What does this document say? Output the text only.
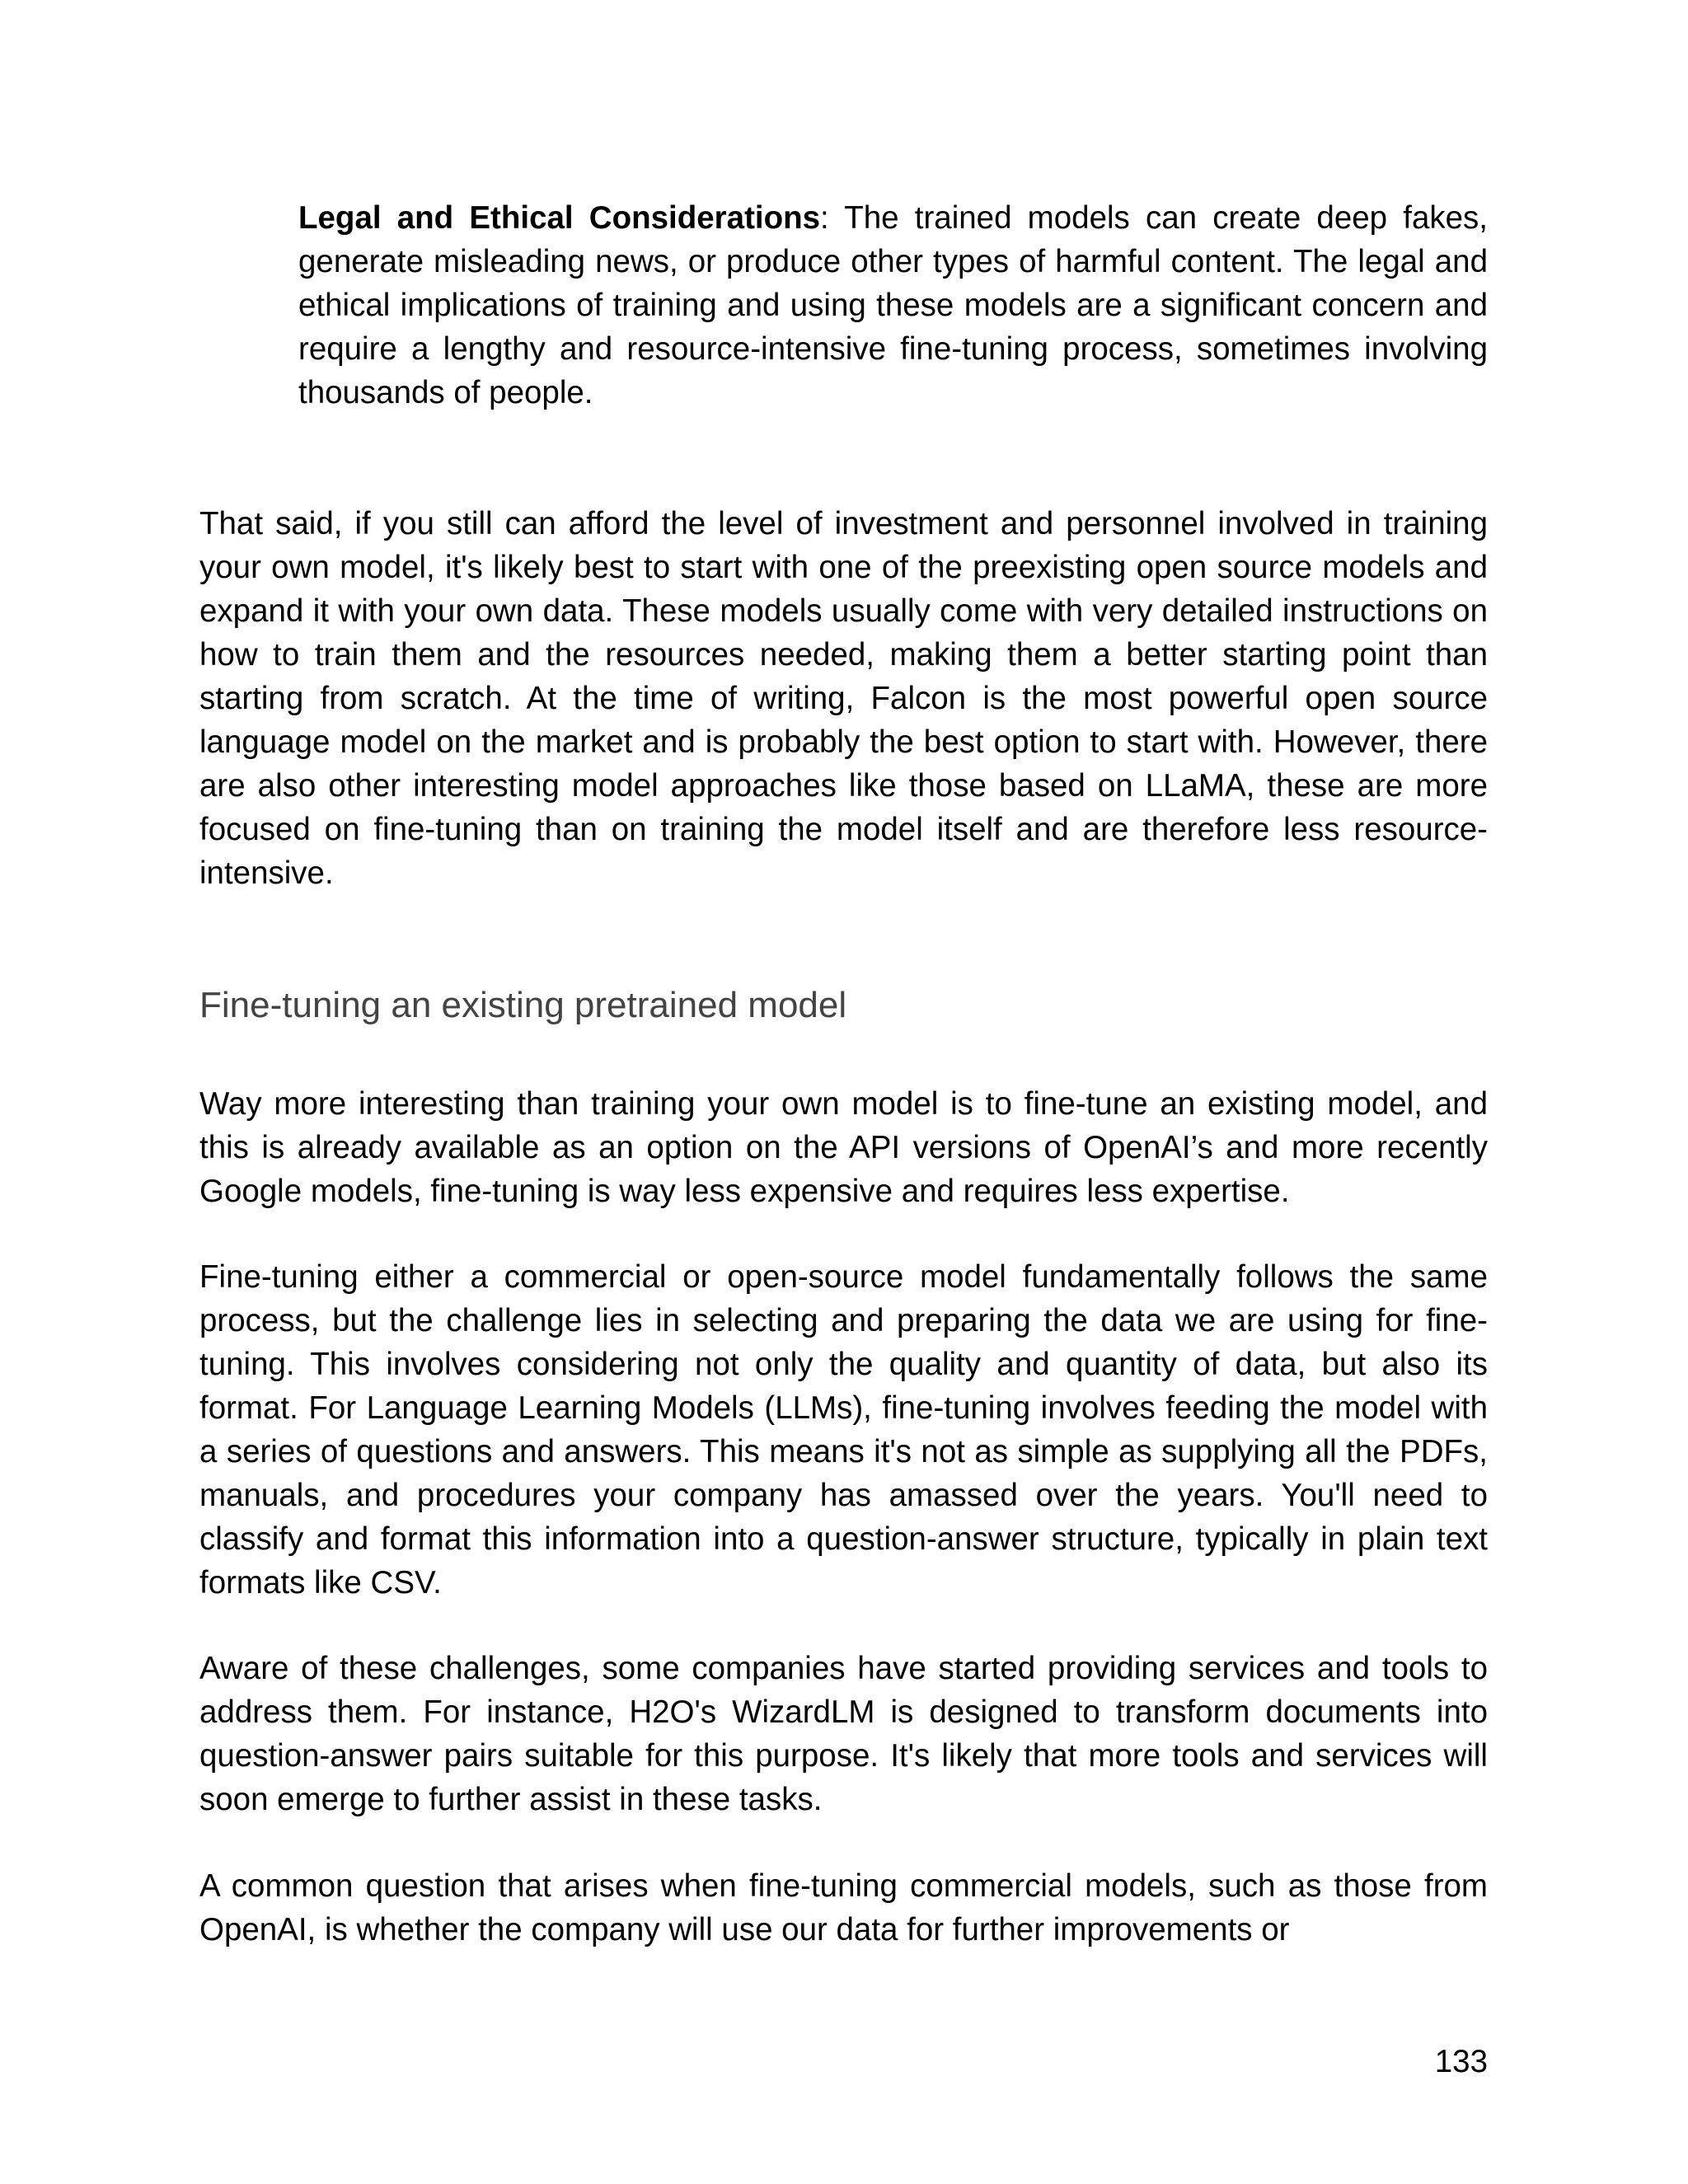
Legal and Ethical Considerations: The trained models can create deep fakes, generate misleading news, or produce other types of harmful content. The legal and ethical implications of training and using these models are a significant concern and require a lengthy and resource-intensive fine-tuning process, sometimes involving thousands of people.

That said, if you still can afford the level of investment and personnel involved in training your own model, it's likely best to start with one of the preexisting open source models and expand it with your own data. These models usually come with very detailed instructions on how to train them and the resources needed, making them a better starting point than starting from scratch. At the time of writing, Falcon is the most powerful open source language model on the market and is probably the best option to start with. However, there are also other interesting model approaches like those based on LLaMA, these are more focused on fine-tuning than on training the model itself and are therefore less resource-intensive.

Fine-tuning an existing pretrained model

Way more interesting than training your own model is to fine-tune an existing model, and this is already available as an option on the API versions of OpenAI’s and more recently Google models, fine-tuning is way less expensive and requires less expertise.

Fine-tuning either a commercial or open-source model fundamentally follows the same process, but the challenge lies in selecting and preparing the data we are using for fine-tuning. This involves considering not only the quality and quantity of data, but also its format. For Language Learning Models (LLMs), fine-tuning involves feeding the model with a series of questions and answers. This means it's not as simple as supplying all the PDFs, manuals, and procedures your company has amassed over the years. You'll need to classify and format this information into a question-answer structure, typically in plain text formats like CSV.

Aware of these challenges, some companies have started providing services and tools to address them. For instance, H2O's WizardLM is designed to transform documents into question-answer pairs suitable for this purpose. It's likely that more tools and services will soon emerge to further assist in these tasks.

A common question that arises when fine-tuning commercial models, such as those from OpenAI, is whether the company will use our data for further improvements or

133
